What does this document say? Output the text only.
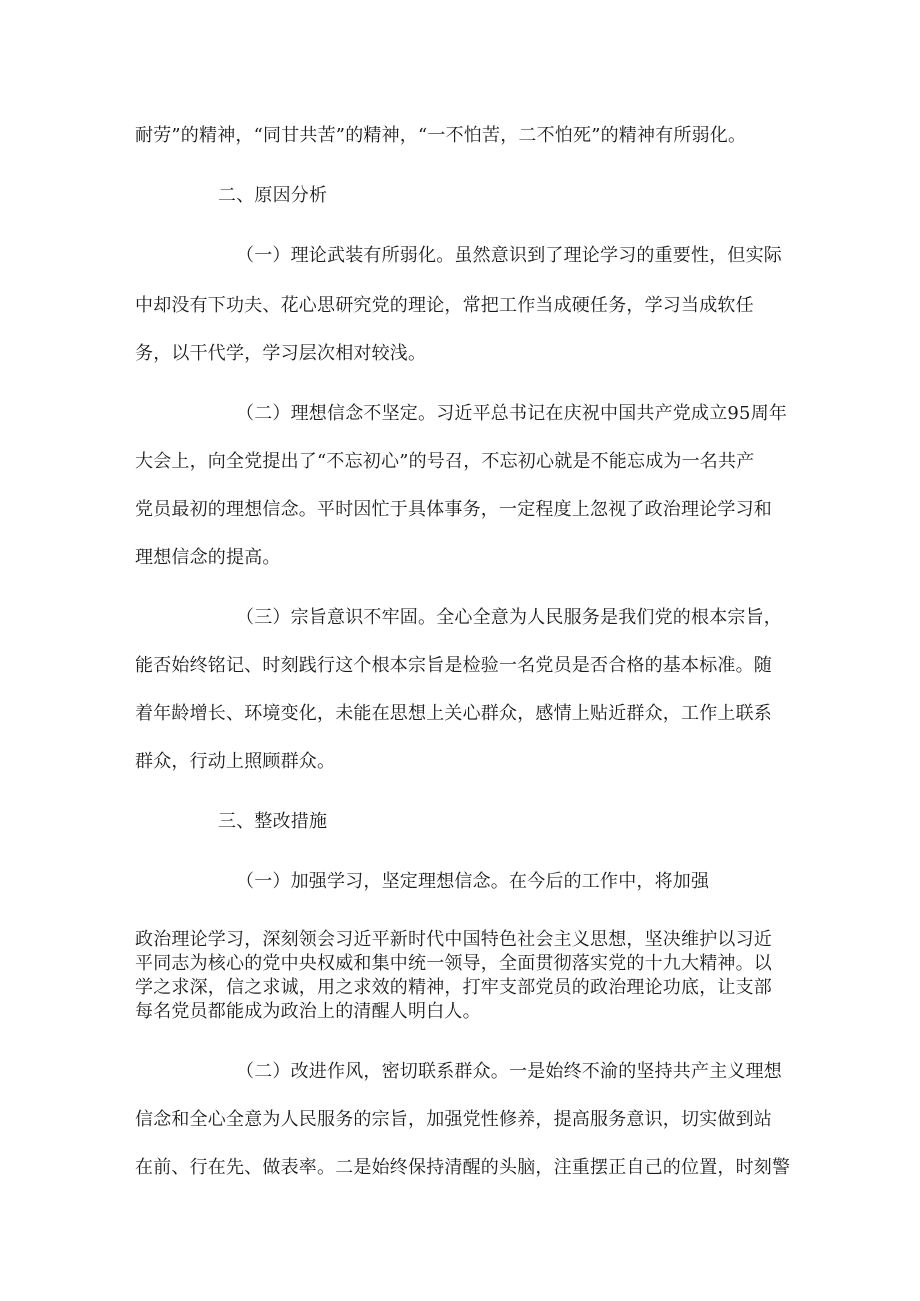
耐劳”的精神，“同甘共苦”的精神，“一不怕苦，二不怕死”的精神有所弱化。
二、原因分析
（一）理论武装有所弱化。虽然意识到了理论学习的重要性，但实际
中却没有下功夫、花心思研究党的理论，常把工作当成硬任务，学习当成软任
务，以干代学，学习层次相对较浅。
（二）理想信念不坚定。习近平总书记在庆祝中国共产党成立95周年
大会上，向全党提出了“不忘初心”的号召，不忘初心就是不能忘成为一名共产
党员最初的理想信念。平时因忙于具体事务，一定程度上忽视了政治理论学习和
理想信念的提高。
（三）宗旨意识不牢固。全心全意为人民服务是我们党的根本宗旨，
能否始终铭记、时刻践行这个根本宗旨是检验一名党员是否合格的基本标准。随
着年龄增长、环境变化，未能在思想上关心群众，感情上贴近群众，工作上联系
群众，行动上照顾群众。
三、整改措施
（一）加强学习，坚定理想信念。在今后的工作中，将加强
政治理论学习，深刻领会习近平新时代中国特色社会主义思想，坚决维护以习近
平同志为核心的党中央权威和集中统一领导，全面贯彻落实党的十九大精神。以
学之求深，信之求诚，用之求效的精神，打牢支部党员的政治理论功底，让支部
每名党员都能成为政治上的清醒人明白人。
（二）改进作风，密切联系群众。一是始终不渝的坚持共产主义理想
信念和全心全意为人民服务的宗旨，加强党性修养，提高服务意识，切实做到站
在前、行在先、做表率。二是始终保持清醒的头脑，注重摆正自己的位置，时刻警
